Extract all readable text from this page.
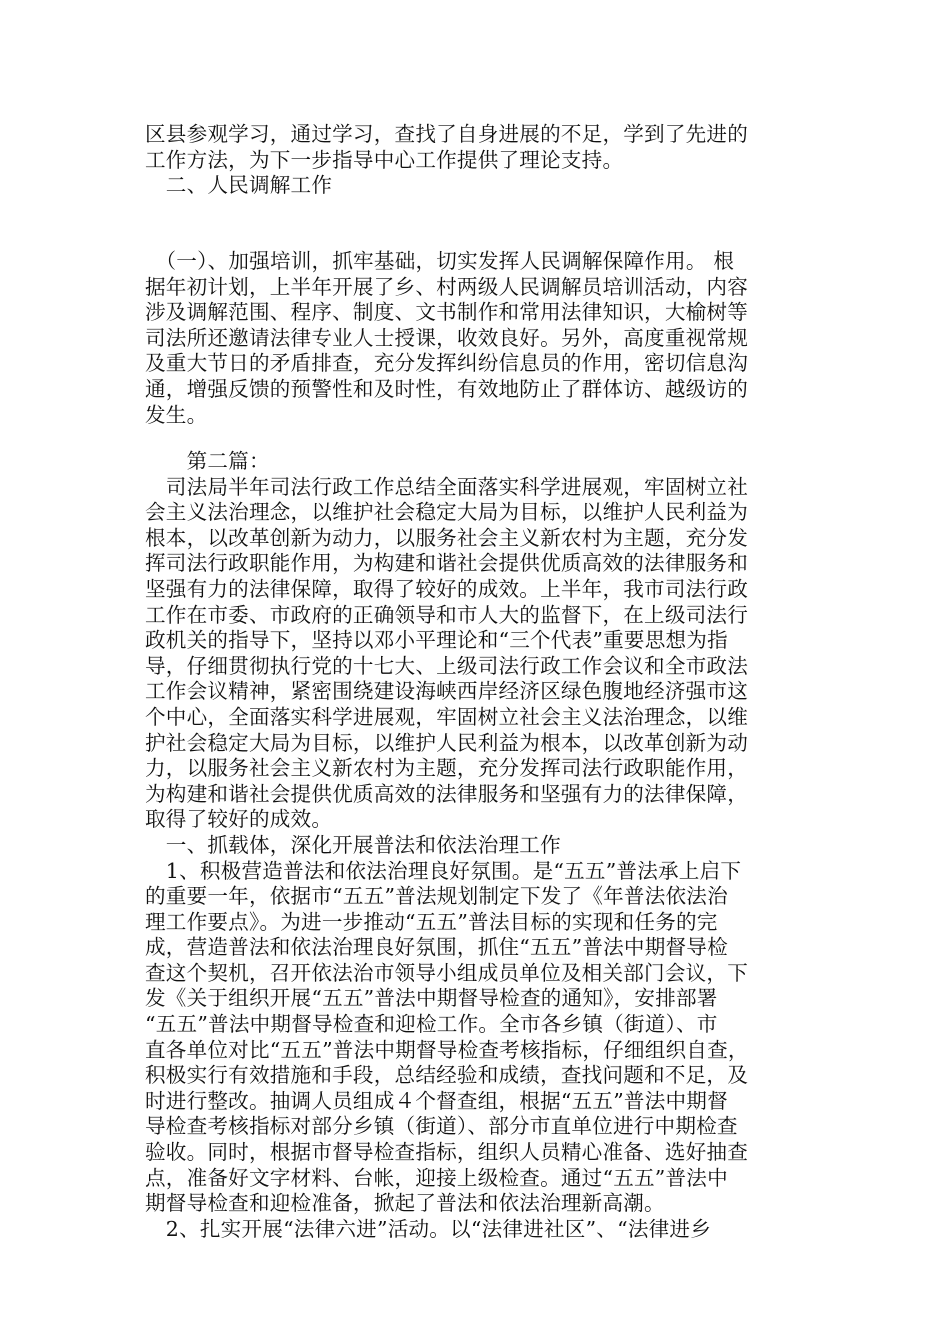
区县参观学习，通过学习，查找了自身进展的不足，学到了先进的
工作方法，为下一步指导中心工作提供了理论支持。
　二、人民调解工作
　（一）、加强培训，抓牢基础，切实发挥人民调解保障作用。 根
据年初计划，上半年开展了乡、村两级人民调解员培训活动，内容
涉及调解范围、程序、制度、文书制作和常用法律知识，大榆树等
司法所还邀请法律专业人士授课，收效良好。另外，高度重视常规
及重大节日的矛盾排查，充分发挥纠纷信息员的作用，密切信息沟
通，增强反馈的预警性和及时性，有效地防止了群体访、越级访的
发生。
　　第二篇：
　司法局半年司法行政工作总结全面落实科学进展观，牢固树立社
会主义法治理念，以维护社会稳定大局为目标，以维护人民利益为
根本，以改革创新为动力，以服务社会主义新农村为主题，充分发
挥司法行政职能作用，为构建和谐社会提供优质高效的法律服务和
坚强有力的法律保障，取得了较好的成效。上半年，我市司法行政
工作在市委、市政府的正确领导和市人大的监督下，在上级司法行
政机关的指导下，坚持以邓小平理论和“三个代表”重要思想为指
导，仔细贯彻执行党的十七大、上级司法行政工作会议和全市政法
工作会议精神，紧密围绕建设海峡西岸经济区绿色腹地经济强市这
个中心，全面落实科学进展观，牢固树立社会主义法治理念，以维
护社会稳定大局为目标，以维护人民利益为根本，以改革创新为动
力，以服务社会主义新农村为主题，充分发挥司法行政职能作用，
为构建和谐社会提供优质高效的法律服务和坚强有力的法律保障，
取得了较好的成效。
　一、抓载体，深化开展普法和依法治理工作
　1、积极营造普法和依法治理良好氛围。是“五五”普法承上启下
的重要一年，依据市“五五”普法规划制定下发了《年普法依法治
理工作要点》。为进一步推动“五五”普法目标的实现和任务的完
成，营造普法和依法治理良好氛围，抓住“五五”普法中期督导检
查这个契机，召开依法治市领导小组成员单位及相关部门会议，下
发《关于组织开展“五五”普法中期督导检查的通知》，安排部署
“五五”普法中期督导检查和迎检工作。全市各乡镇（街道）、市
直各单位对比“五五”普法中期督导检查考核指标，仔细组织自查，
积极实行有效措施和手段，总结经验和成绩，查找问题和不足，及
时进行整改。抽调人员组成４个督查组，根据“五五”普法中期督
导检查考核指标对部分乡镇（街道）、部分市直单位进行中期检查
验收。同时，根据市督导检查指标，组织人员精心准备、选好抽查
点，准备好文字材料、台帐，迎接上级检查。通过“五五”普法中
期督导检查和迎检准备，掀起了普法和依法治理新高潮。
　2、扎实开展“法律六进”活动。以“法律进社区”、“法律进乡
